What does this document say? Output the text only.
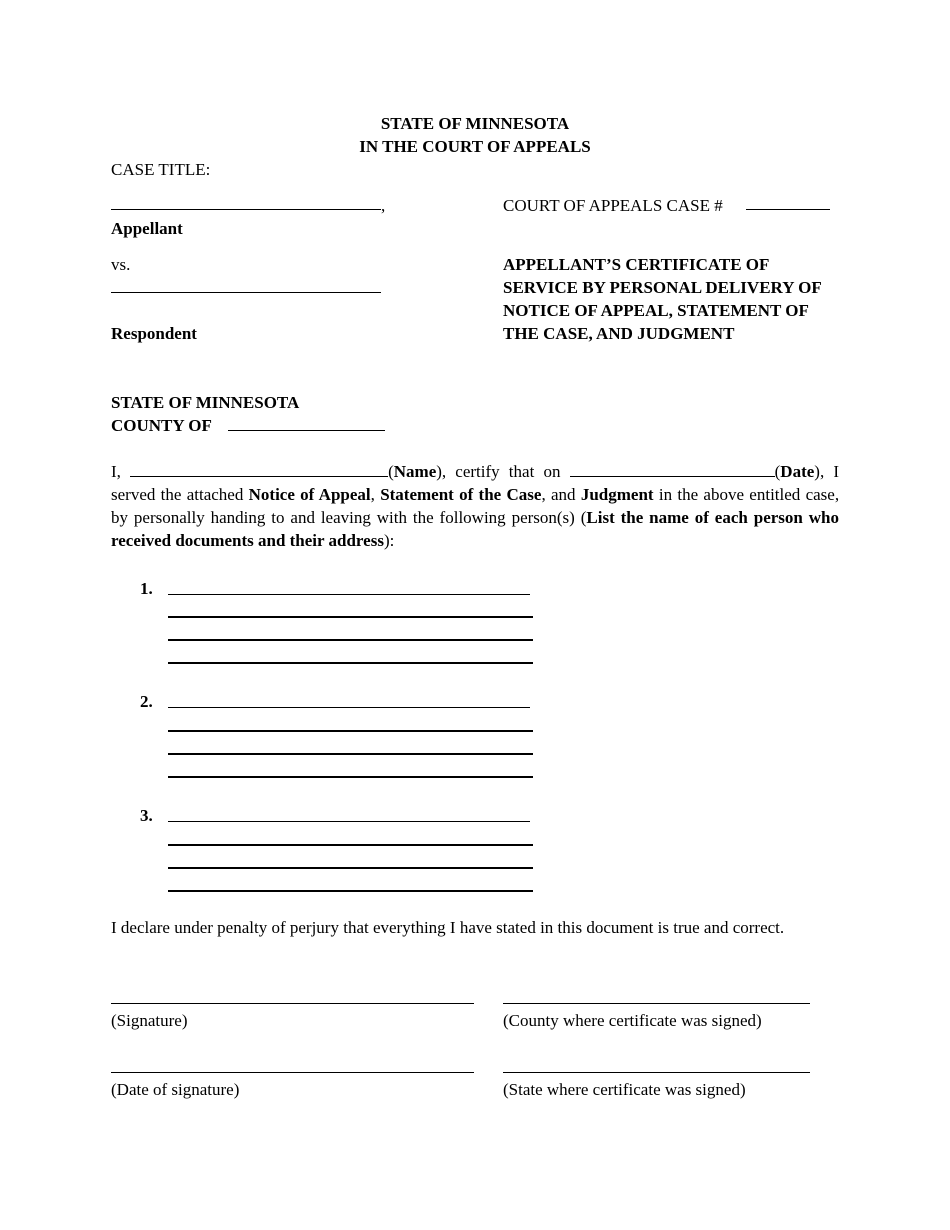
STATE OF MINNESOTA
IN THE COURT OF APPEALS
CASE TITLE:
,
Appellant
vs.
Respondent
COURT OF APPEALS CASE #
APPELLANT’S CERTIFICATE OF SERVICE BY PERSONAL DELIVERY OF NOTICE OF APPEAL, STATEMENT OF THE CASE, AND JUDGMENT
STATE OF MINNESOTA
COUNTY OF
I,	(Name), certify that on	(Date), I served the attached Notice of Appeal, Statement of the Case, and Judgment in the above entitled case, by personally handing to and leaving with the following person(s) (List the name of each person who received documents and their address):
1.
2.
3.
I declare under penalty of perjury that everything I have stated in this document is true and correct.
(Signature)	(County where certificate was signed)
(Date of signature)	(State where certificate was signed)
